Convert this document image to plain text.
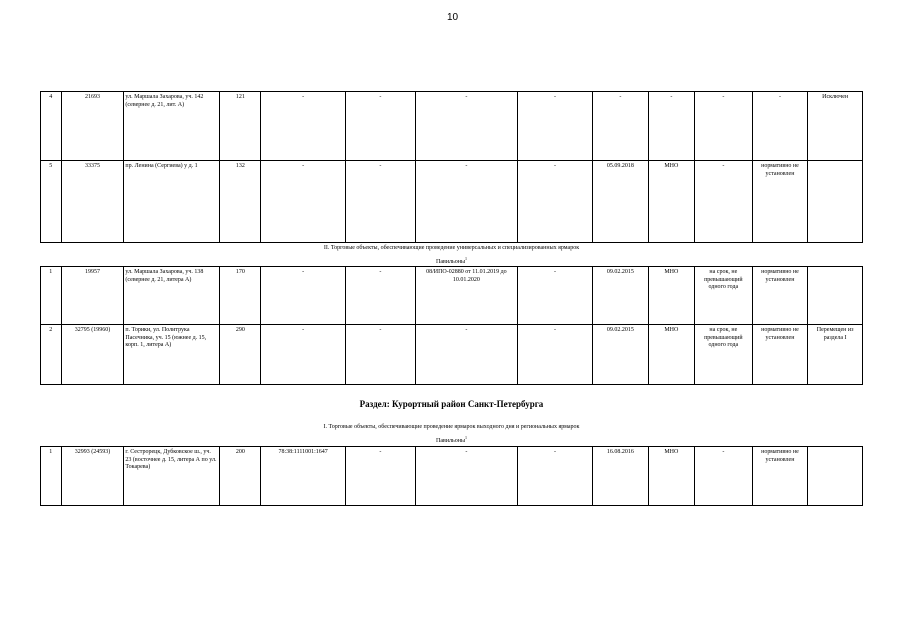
10
4	21693	ул. Маршала Захарова, уч. 142 (севернее д. 21, лит. А)	121	-	-	-	-	-	-	-	-	Исключен
5	33375	пр. Ленина (Сергиева) у д. 1	132	-	-	-	-	05.09.2018	МНО	-	нормативно не установлен	
II. Торговые объекты, обеспечивающие проведение универсальных и специализированных ярмарок
Павильоны$^1$
1	19957	ул. Маршала Захарова, уч. 138 (севернее д. 21, литера А)	170	-	-	08/ИПО-02880 от 11.01.2019 до 10.01.2020	-	09.02.2015	МНО	на срок, не превышающий одного года	нормативно не установлен	
2	32795 (19960)	п. Торики, ул. Политрука Пасечника, уч. 15 (южнее д. 15, корп. 1, литера А)	290	-	-	-	-	09.02.2015	МНО	на срок, не превышающий одного года	нормативно не установлен	Перемещен из раздела I
Раздел: Курортный район Санкт-Петербурга
I. Торговые объекты, обеспечивающие проведение ярмарок выходного дня и региональных ярмарок
Павильоны$^1$
1	32993 (24593)	г. Сестрорецк, Дубковское ш., уч. 23 (восточнее д. 15, литера А по ул. Токарева)	200	78:38:1111001:1647	-	-	-	16.08.2016	МНО	-	нормативно не установлен	
